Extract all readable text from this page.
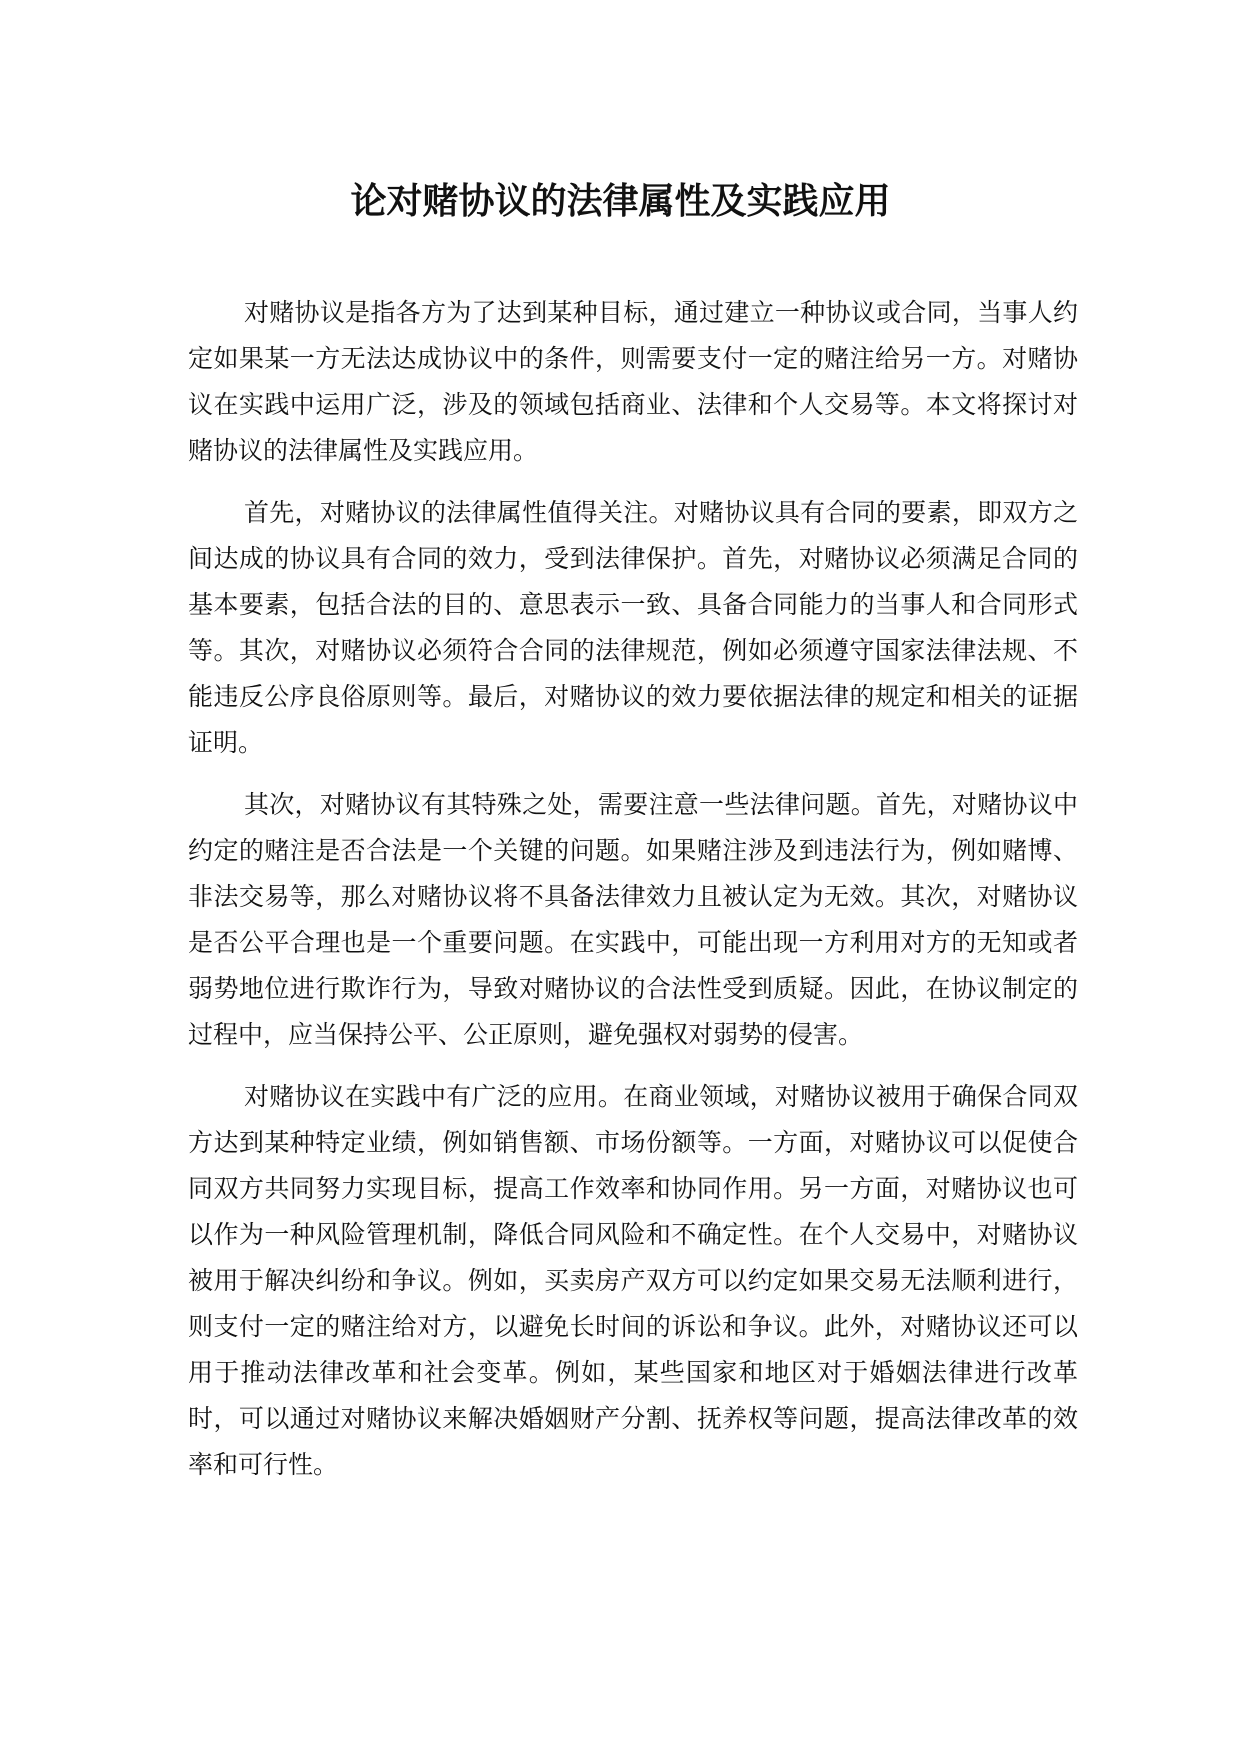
论对赌协议的法律属性及实践应用

对赌协议是指各方为了达到某种目标，通过建立一种协议或合同，当事人约定如果某一方无法达成协议中的条件，则需要支付一定的赌注给另一方。对赌协议在实践中运用广泛，涉及的领域包括商业、法律和个人交易等。本文将探讨对赌协议的法律属性及实践应用。

首先，对赌协议的法律属性值得关注。对赌协议具有合同的要素，即双方之间达成的协议具有合同的效力，受到法律保护。首先，对赌协议必须满足合同的基本要素，包括合法的目的、意思表示一致、具备合同能力的当事人和合同形式等。其次，对赌协议必须符合合同的法律规范，例如必须遵守国家法律法规、不能违反公序良俗原则等。最后，对赌协议的效力要依据法律的规定和相关的证据证明。

其次，对赌协议有其特殊之处，需要注意一些法律问题。首先，对赌协议中约定的赌注是否合法是一个关键的问题。如果赌注涉及到违法行为，例如赌博、非法交易等，那么对赌协议将不具备法律效力且被认定为无效。其次，对赌协议是否公平合理也是一个重要问题。在实践中，可能出现一方利用对方的无知或者弱势地位进行欺诈行为，导致对赌协议的合法性受到质疑。因此，在协议制定的过程中，应当保持公平、公正原则，避免强权对弱势的侵害。

对赌协议在实践中有广泛的应用。在商业领域，对赌协议被用于确保合同双方达到某种特定业绩，例如销售额、市场份额等。一方面，对赌协议可以促使合同双方共同努力实现目标，提高工作效率和协同作用。另一方面，对赌协议也可以作为一种风险管理机制，降低合同风险和不确定性。在个人交易中，对赌协议被用于解决纠纷和争议。例如，买卖房产双方可以约定如果交易无法顺利进行，则支付一定的赌注给对方，以避免长时间的诉讼和争议。此外，对赌协议还可以用于推动法律改革和社会变革。例如，某些国家和地区对于婚姻法律进行改革时，可以通过对赌协议来解决婚姻财产分割、抚养权等问题，提高法律改革的效率和可行性。
